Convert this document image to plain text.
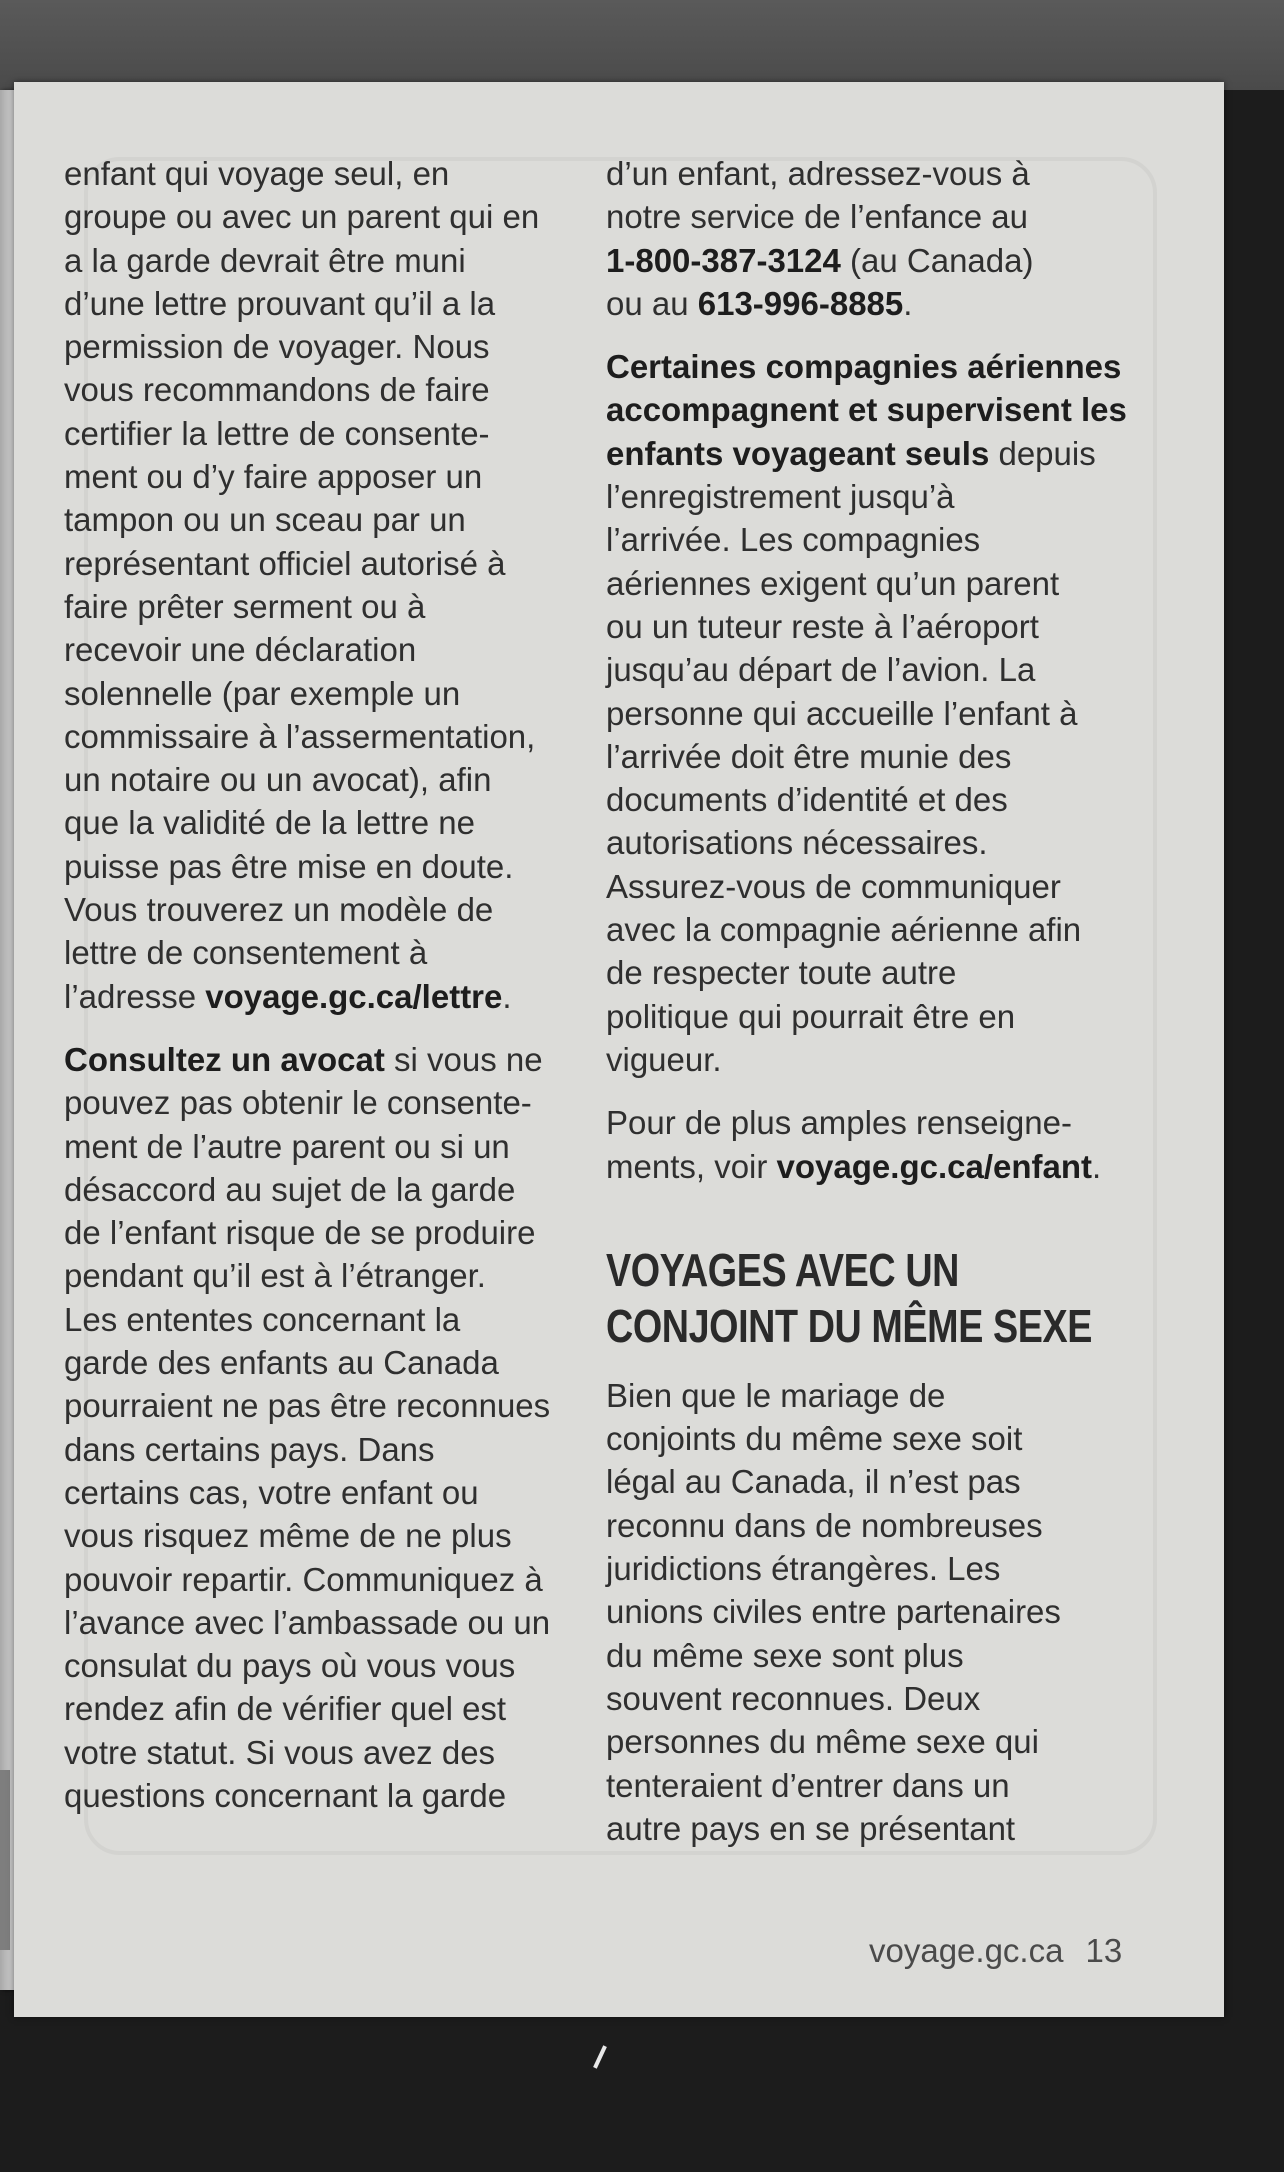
enfant qui voyage seul, en
groupe ou avec un parent qui en
a la garde devrait être muni
d’une lettre prouvant qu’il a la
permission de voyager. Nous
vous recommandons de faire
certifier la lettre de consente-
ment ou d’y faire apposer un
tampon ou un sceau par un
représentant officiel autorisé à
faire prêter serment ou à
recevoir une déclaration
solennelle (par exemple un
commissaire à l’assermentation,
un notaire ou un avocat), afin
que la validité de la lettre ne
puisse pas être mise en doute.
Vous trouverez un modèle de
lettre de consentement à
l’adresse voyage.gc.ca/lettre.

Consultez un avocat si vous ne
pouvez pas obtenir le consente-
ment de l’autre parent ou si un
désaccord au sujet de la garde
de l’enfant risque de se produire
pendant qu’il est à l’étranger.
Les ententes concernant la
garde des enfants au Canada
pourraient ne pas être reconnues
dans certains pays. Dans
certains cas, votre enfant ou
vous risquez même de ne plus
pouvoir repartir. Communiquez à
l’avance avec l’ambassade ou un
consulat du pays où vous vous
rendez afin de vérifier quel est
votre statut. Si vous avez des
questions concernant la garde

d’un enfant, adressez-vous à
notre service de l’enfance au
1-800-387-3124 (au Canada)
ou au 613-996-8885.

Certaines compagnies aériennes
accompagnent et supervisent les
enfants voyageant seuls depuis
l’enregistrement jusqu’à
l’arrivée. Les compagnies
aériennes exigent qu’un parent
ou un tuteur reste à l’aéroport
jusqu’au départ de l’avion. La
personne qui accueille l’enfant à
l’arrivée doit être munie des
documents d’identité et des
autorisations nécessaires.
Assurez-vous de communiquer
avec la compagnie aérienne afin
de respecter toute autre
politique qui pourrait être en
vigueur.

Pour de plus amples renseigne-
ments, voir voyage.gc.ca/enfant.

VOYAGES AVEC UN
CONJOINT DU MÊME SEXE

Bien que le mariage de
conjoints du même sexe soit
légal au Canada, il n’est pas
reconnu dans de nombreuses
juridictions étrangères. Les
unions civiles entre partenaires
du même sexe sont plus
souvent reconnues. Deux
personnes du même sexe qui
tenteraient d’entrer dans un
autre pays en se présentant

voyage.gc.ca 13
